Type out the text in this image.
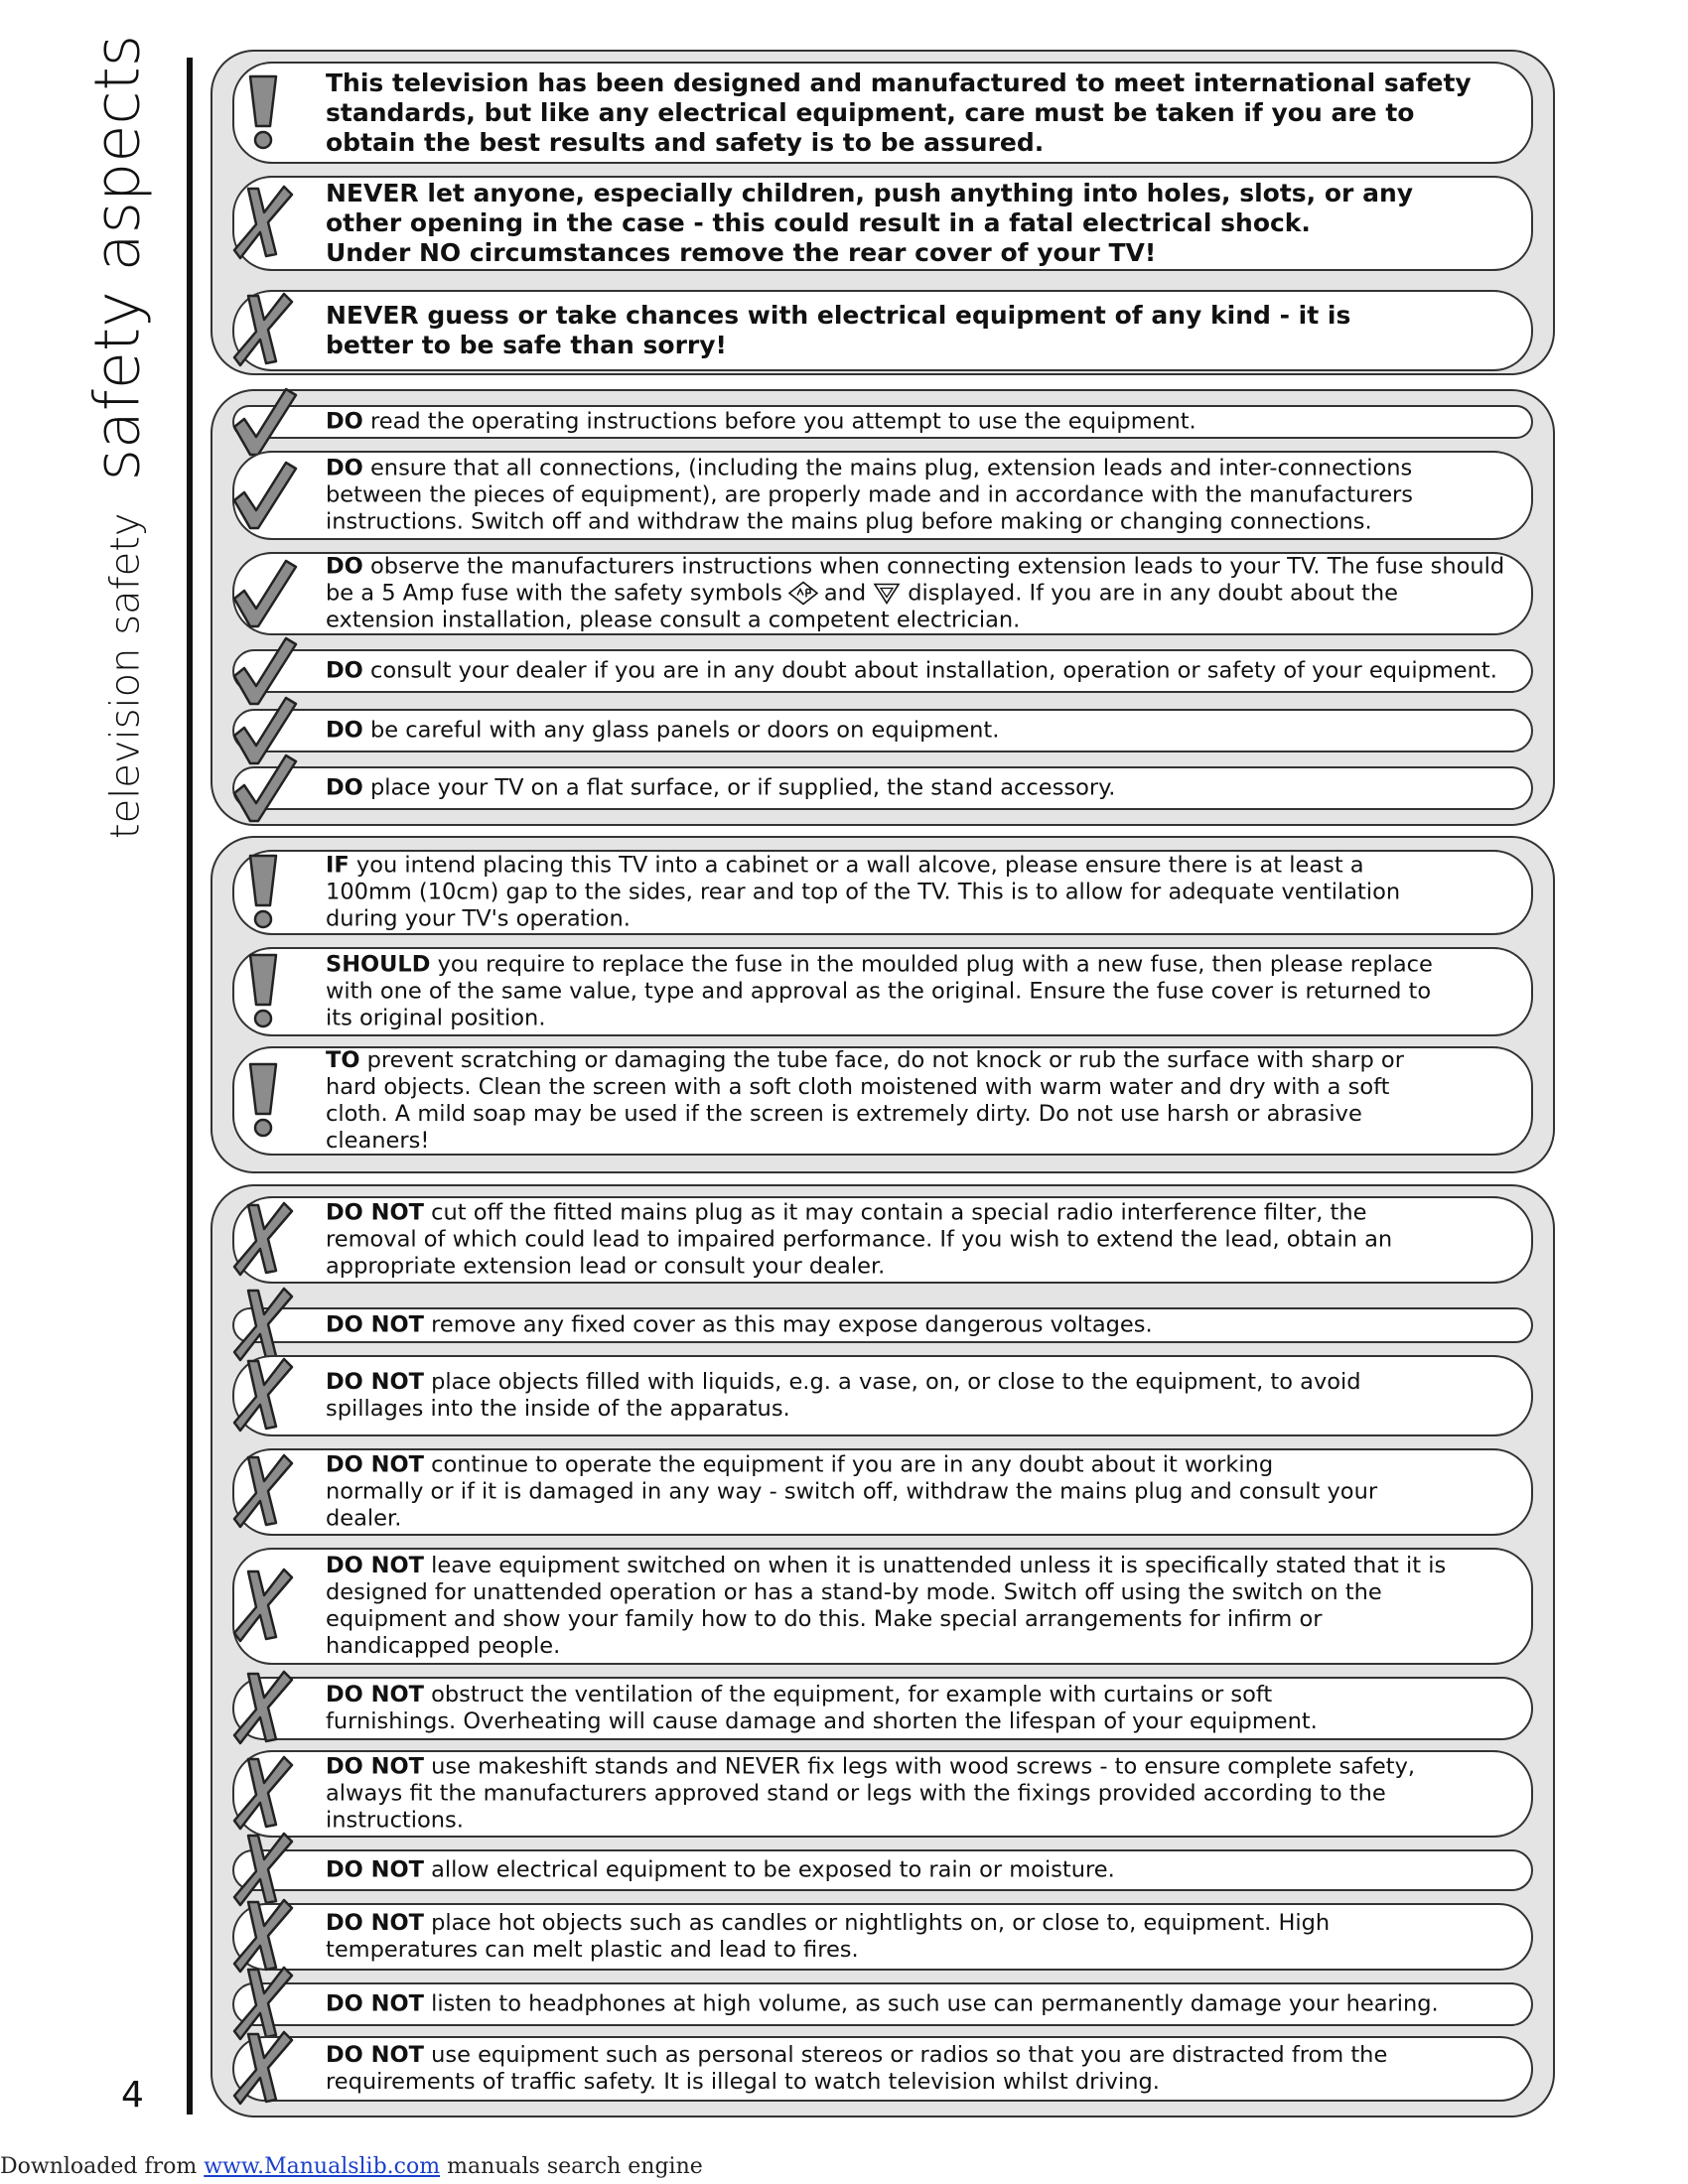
television safety
safety aspects
4
This television has been designed and manufactured to meet international safety
standards, but like any electrical equipment, care must be taken if you are to
obtain the best results and safety is to be assured.
NEVER let anyone, especially children, push anything into holes, slots, or any
other opening in the case - this could result in a fatal electrical shock.
Under NO circumstances remove the rear cover of your TV!
NEVER guess or take chances with electrical equipment of any kind - it is
better to be safe than sorry!
DO read the operating instructions before you attempt to use the equipment.
DO ensure that all connections, (including the mains plug, extension leads and inter-connections
between the pieces of equipment), are properly made and in accordance with the manufacturers
instructions. Switch off and withdraw the mains plug before making or changing connections.
DO observe the manufacturers instructions when connecting extension leads to your TV. The fuse should
be a 5 Amp fuse with the safety symbols and displayed. If you are in any doubt about the
extension installation, please consult a competent electrician.
DO consult your dealer if you are in any doubt about installation, operation or safety of your equipment.
DO be careful with any glass panels or doors on equipment.
DO place your TV on a flat surface, or if supplied, the stand accessory.
IF you intend placing this TV into a cabinet or a wall alcove, please ensure there is at least a
100mm (10cm) gap to the sides, rear and top of the TV. This is to allow for adequate ventilation
during your TV's operation.
SHOULD you require to replace the fuse in the moulded plug with a new fuse, then please replace
with one of the same value, type and approval as the original. Ensure the fuse cover is returned to
its original position.
TO prevent scratching or damaging the tube face, do not knock or rub the surface with sharp or
hard objects. Clean the screen with a soft cloth moistened with warm water and dry with a soft
cloth. A mild soap may be used if the screen is extremely dirty. Do not use harsh or abrasive
cleaners!
DO NOT cut off the fitted mains plug as it may contain a special radio interference filter, the
removal of which could lead to impaired performance. If you wish to extend the lead, obtain an
appropriate extension lead or consult your dealer.
DO NOT remove any fixed cover as this may expose dangerous voltages.
DO NOT place objects filled with liquids, e.g. a vase, on, or close to the equipment, to avoid
spillages into the inside of the apparatus.
DO NOT continue to operate the equipment if you are in any doubt about it working
normally or if it is damaged in any way - switch off, withdraw the mains plug and consult your
dealer.
DO NOT leave equipment switched on when it is unattended unless it is specifically stated that it is
designed for unattended operation or has a stand-by mode. Switch off using the switch on the
equipment and show your family how to do this. Make special arrangements for infirm or
handicapped people.
DO NOT obstruct the ventilation of the equipment, for example with curtains or soft
furnishings. Overheating will cause damage and shorten the lifespan of your equipment.
DO NOT use makeshift stands and NEVER fix legs with wood screws - to ensure complete safety,
always fit the manufacturers approved stand or legs with the fixings provided according to the
instructions.
DO NOT allow electrical equipment to be exposed to rain or moisture.
DO NOT place hot objects such as candles or nightlights on, or close to, equipment. High
temperatures can melt plastic and lead to fires.
DO NOT listen to headphones at high volume, as such use can permanently damage your hearing.
DO NOT use equipment such as personal stereos or radios so that you are distracted from the
requirements of traffic safety. It is illegal to watch television whilst driving.
Downloaded from www.Manualslib.com manuals search engine
